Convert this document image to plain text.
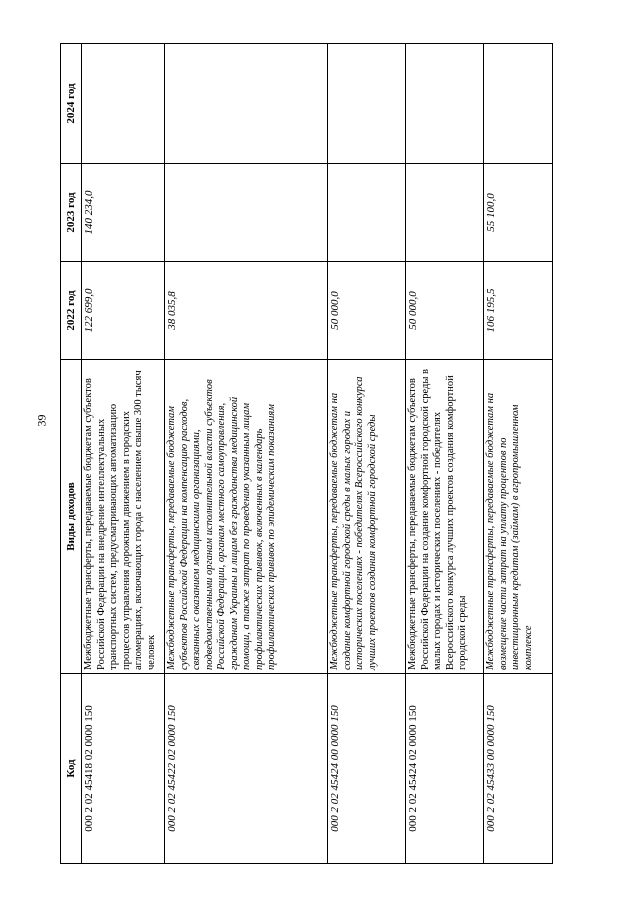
39
Код	Виды доходов	2022 год	2023 год	2024 год
000 2 02 45418 02 0000 150	Межбюджетные трансферты, передаваемые бюджетам субъектов Российской Федерации на внедрение интеллектуальных транспортных систем, предусматривающих автоматизацию процессов управления дорожным движением в городских агломерациях, включающих города с населением свыше 300 тысяч человек	122 699,0	140 234,0	
000 2 02 45422 02 0000 150	Межбюджетные трансферты, передаваемые бюджетам субъектов Российской Федерации на компенсацию расходов, связанных с оказанием медицинскими организациями, подведомственными органам исполнительной власти субъектов Российской Федерации, органам местного самоуправления, гражданам Украины и лицам без гражданства медицинской помощи, а также затрат по проведению указанным лицам профилактических прививок, включенных в календарь профилактических прививок по эпидемическим показаниям	38 035,8		
000 2 02 45424 00 0000 150	Межбюджетные трансферты, передаваемые бюджетам на создание комфортной городской среды в малых городах и исторических поселениях - победителях Всероссийского конкурса лучших проектов создания комфортной городской среды	50 000,0		
000 2 02 45424 02 0000 150	Межбюджетные трансферты, передаваемые бюджетам субъектов Российской Федерации на создание комфортной городской среды в малых городах и исторических поселениях - победителях Всероссийского конкурса лучших проектов создания комфортной городской среды	50 000,0		
000 2 02 45433 00 0000 150	Межбюджетные трансферты, передаваемые бюджетам на возмещение части затрат на уплату процентов по инвестиционным кредитам (займам) в агропромышленном комплексе	106 195,5	55 100,0	
